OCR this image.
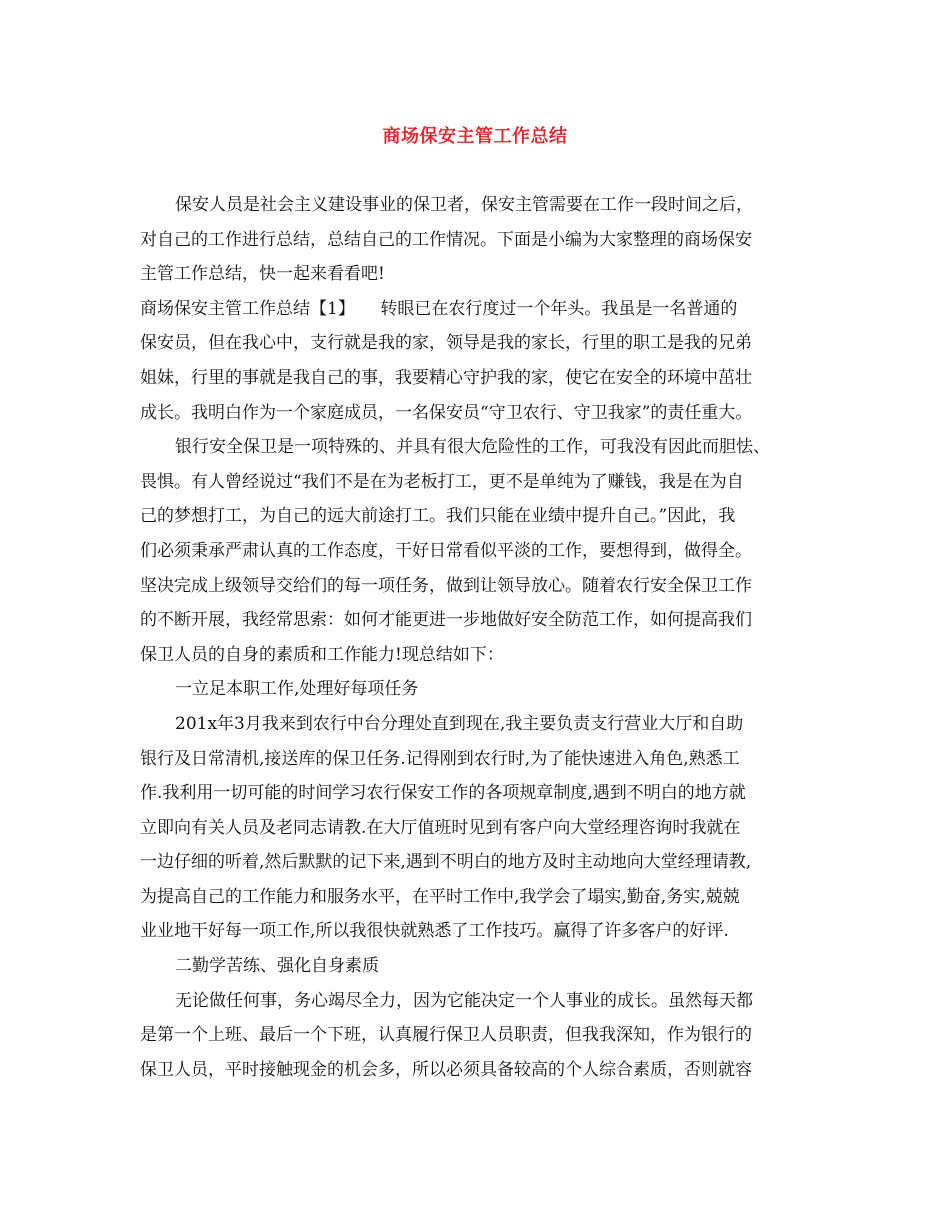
商场保安主管工作总结
保安人员是社会主义建设事业的保卫者，保安主管需要在工作一段时间之后，
对自己的工作进行总结，总结自己的工作情况。下面是小编为大家整理的商场保安
主管工作总结，快一起来看看吧!
商场保安主管工作总结【1】　　转眼已在农行度过一个年头。我虽是一名普通的
保安员，但在我心中，支行就是我的家，领导是我的家长，行里的职工是我的兄弟
姐妹，行里的事就是我自己的事，我要精心守护我的家，使它在安全的环境中茁壮
成长。我明白作为一个家庭成员，一名保安员“守卫农行、守卫我家”的责任重大。
银行安全保卫是一项特殊的、并具有很大危险性的工作，可我没有因此而胆怯、
畏惧。有人曾经说过“我们不是在为老板打工，更不是单纯为了赚钱，我是在为自
己的梦想打工，为自己的远大前途打工。我们只能在业绩中提升自己。”因此，我
们必须秉承严肃认真的工作态度，干好日常看似平淡的工作，要想得到，做得全。
坚决完成上级领导交给们的每一项任务，做到让领导放心。随着农行安全保卫工作
的不断开展，我经常思索：如何才能更进一步地做好安全防范工作，如何提高我们
保卫人员的自身的素质和工作能力!现总结如下：
一立足本职工作,处理好每项任务
201x年3月我来到农行中台分理处直到现在,我主要负责支行营业大厅和自助
银行及日常清机,接送库的保卫任务.记得刚到农行时,为了能快速进入角色,熟悉工
作.我利用一切可能的时间学习农行保安工作的各项规章制度,遇到不明白的地方就
立即向有关人员及老同志请教.在大厅值班时见到有客户向大堂经理咨询时我就在
一边仔细的听着,然后默默的记下来,遇到不明白的地方及时主动地向大堂经理请教,
为提高自己的工作能力和服务水平，在平时工作中,我学会了塌实,勤奋,务实,兢兢
业业地干好每一项工作,所以我很快就熟悉了工作技巧。赢得了许多客户的好评.
二勤学苦练、强化自身素质
无论做任何事，务心竭尽全力，因为它能决定一个人事业的成长。虽然每天都
是第一个上班、最后一个下班，认真履行保卫人员职责，但我我深知，作为银行的
保卫人员，平时接触现金的机会多，所以必须具备较高的个人综合素质，否则就容
